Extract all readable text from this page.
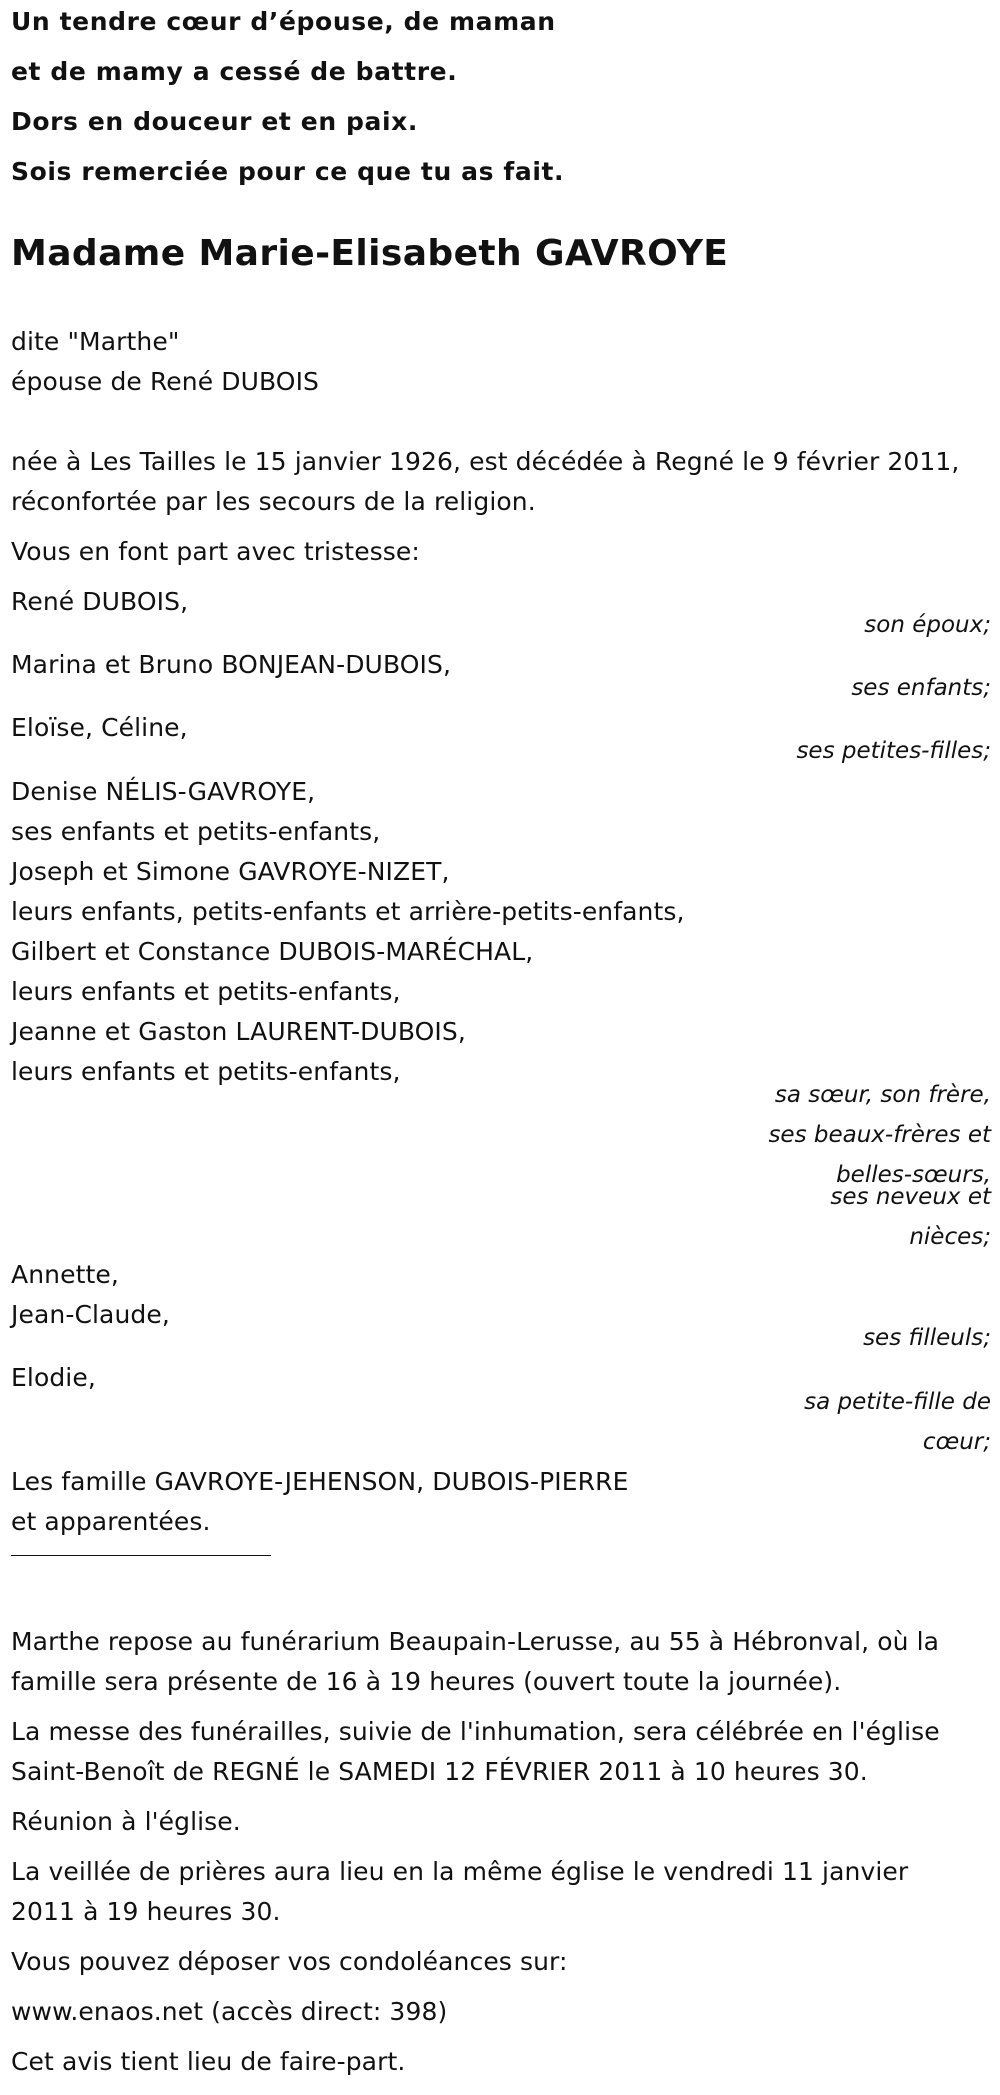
Un tendre cœur d’épouse, de maman
et de mamy a cessé de battre.
Dors en douceur et en paix.
Sois remerciée pour ce que tu as fait.
Madame Marie-Elisabeth GAVROYE
dite "Marthe"
épouse de René DUBOIS
née à Les Tailles le 15 janvier 1926, est décédée à Regné le 9 février 2011,
réconfortée par les secours de la religion.
Vous en font part avec tristesse:
René DUBOIS,
son époux;
Marina et Bruno BONJEAN-DUBOIS,
ses enfants;
Eloïse, Céline,
ses petites-filles;
Denise NÉLIS-GAVROYE,
ses enfants et petits-enfants,
Joseph et Simone GAVROYE-NIZET,
leurs enfants, petits-enfants et arrière-petits-enfants,
Gilbert et Constance DUBOIS-MARÉCHAL,
leurs enfants et petits-enfants,
Jeanne et Gaston LAURENT-DUBOIS,
leurs enfants et petits-enfants,
sa sœur, son frère,
ses beaux-frères et
belles-sœurs,
ses neveux et
nièces;
Annette,
Jean-Claude,
ses filleuls;
Elodie,
sa petite-fille de
cœur;
Les famille GAVROYE-JEHENSON, DUBOIS-PIERRE
et apparentées.
Marthe repose au funérarium Beaupain-Lerusse, au 55 à Hébronval, où la
famille sera présente de 16 à 19 heures (ouvert toute la journée).
La messe des funérailles, suivie de l'inhumation, sera célébrée en l'église
Saint-Benoît de REGNÉ le SAMEDI 12 FÉVRIER 2011 à 10 heures 30.
Réunion à l'église.
La veillée de prières aura lieu en la même église le vendredi 11 janvier
2011 à 19 heures 30.
Vous pouvez déposer vos condoléances sur:
www.enaos.net (accès direct: 398)
Cet avis tient lieu de faire-part.
